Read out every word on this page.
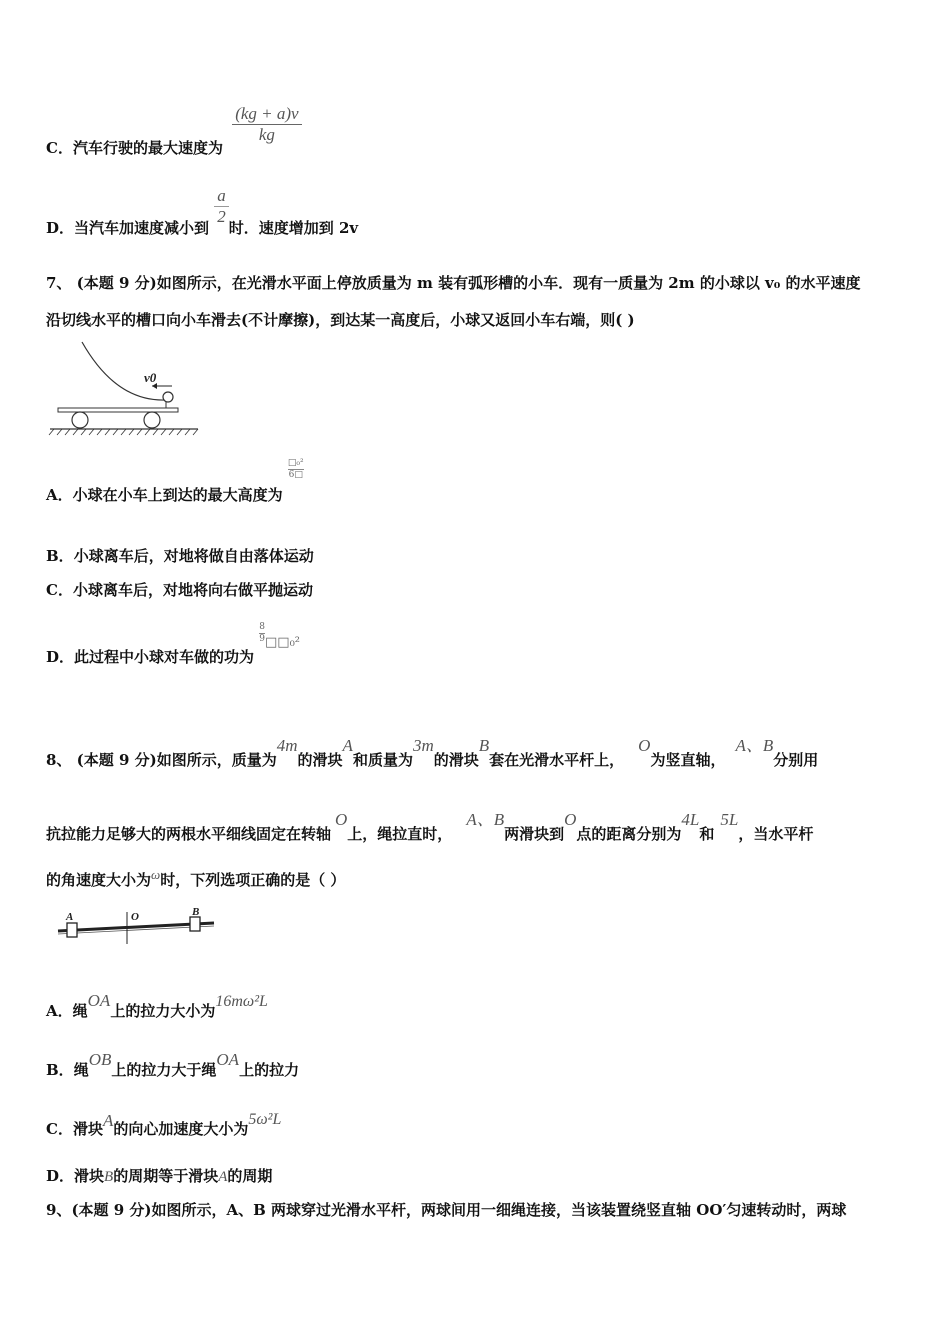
C．汽车行驶的最大速度为
$\frac{(kg + a)v}{kg}$
D．当汽车加速度减小到
$\frac{a}{2}$
时．速度增加到 2v
7、 (本题 9 分)如图所示，在光滑水平面上停放质量为 m 装有弧形槽的小车．现有一质量为 2m 的小球以 v₀ 的水平速度
沿切线水平的槽口向小车滑去(不计摩擦)，到达某一高度后，小球又返回小车右端，则( )
v0
A．小球在小车上到达的最大高度为
$\frac{\text{□₀²}}{6□}$
B．小球离车后，对地将做自由落体运动
C．小球离车后，对地将向右做平抛运动
D．此过程中小球对车做的功为
$\frac{8}{9}□□_0^2$
8、 (本题 9 分)如图所示，质量为4m的滑块A和质量为3m的滑块B套在光滑水平杆上，O为竖直轴，A、B分别用
抗拉能力足够大的两根水平细线固定在转轴O上，绳拉直时，A、B两滑块到O点的距离分别为4L和5L，当水平杆
的角速度大小为ω时，下列选项正确的是（ ）
A	O	B
A．绳OA上的拉力大小为16mω²L
B．绳OB上的拉力大于绳OA上的拉力
C．滑块A的向心加速度大小为5ω²L
D．滑块B的周期等于滑块A的周期
9、(本题 9 分)如图所示，A、B 两球穿过光滑水平杆，两球间用一细绳连接，当该装置绕竖直轴 OO′匀速转动时，两球
